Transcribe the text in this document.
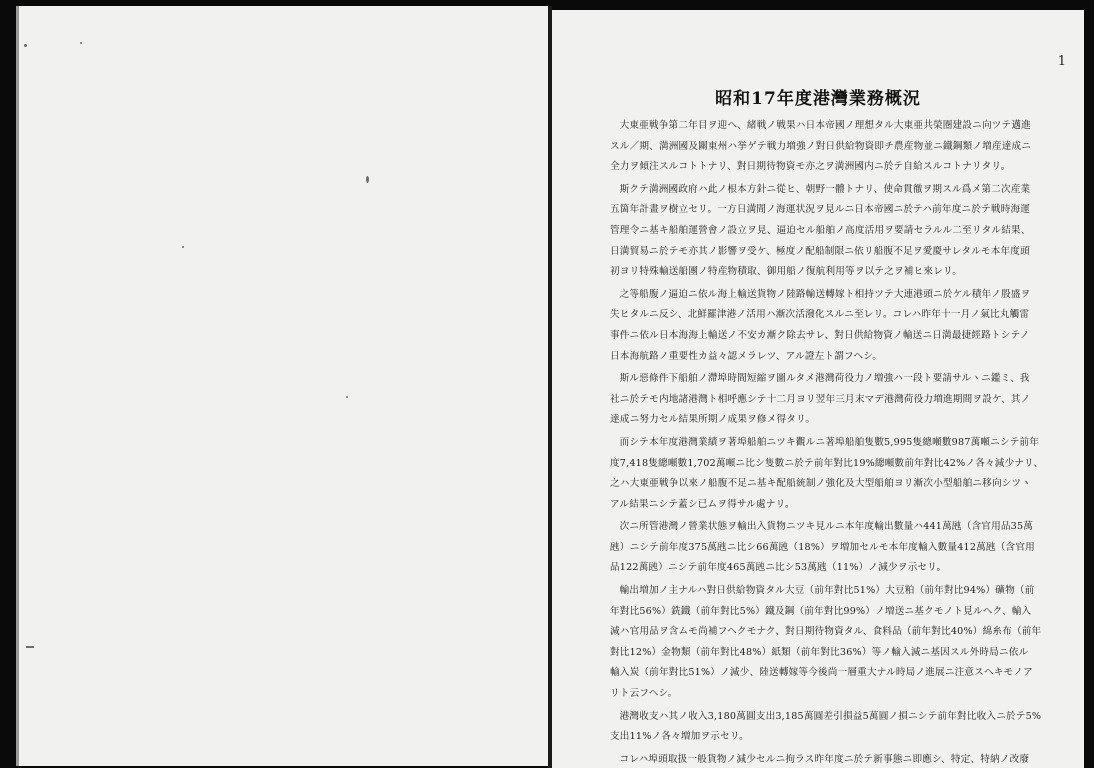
1
昭和17年度港灣業務概況

大東亜戦争第二年目ヲ迎ヘ、緒戦ノ戦果ハ日本帝國ノ理想タル大東亜共榮圏建設ニ向ツテ邁進

スル／期、満洲國及關東州ハ挙ゲテ戦力増強ノ對日供給物資即チ農産物並ニ鐵鋼類ノ増産達成ニ

全力ヲ傾注スルコトトナリ、對日期待物資モ亦之ヲ満洲國内ニ於テ自給スルコトナリタリ。

斯クテ満洲國政府ハ此ノ根本方針ニ從ヒ、朝野一體トナリ、使命貫徹ヲ期スル爲メ第二次産業

五箇年計畫ヲ樹立セリ。一方日満間ノ海運状況ヲ見ルニ日本帝國ニ於テハ前年度ニ於テ戦時海運

管理令ニ基キ船舶運營會ノ設立ヲ見、逼迫セル船舶ノ高度活用ヲ要請セラルル二至リタル結果、

日満貿易ニ於テモ亦其ノ影響ヲ受ケ、極度ノ配船制限ニ依リ船腹不足ヲ愛慶サレタルモ本年度頭

初ヨリ特殊輸送船團ノ特産物積取、御用船ノ復航利用等ヲ以テ之ヲ補ヒ來レリ。

之等船腹ノ逼迫ニ依ル海上輸送貨物ノ陸路輸送轉嫁ト相持ツテ大連港頭ニ於ケル積年ノ殷盛ヲ

失ヒタルニ反シ、北鮮羅津港ノ活用ハ漸次活潑化スルニ至レリ。コレハ昨年十一月ノ氣比丸觸雷

事件ニ依ル日本海海上輸送ノ不安カ漸ク除去サレ、對日供給物資ノ輸送ニ日満最捷經路トシテノ

日本海航路ノ重要性カ益々認メラレツ、アル證左ト謂フヘシ。

斯ル惡條件下船舶ノ滯埠時間短縮ヲ圖ルタメ港灣荷役力ノ増強ハ一段ト要請サルヽニ鑑ミ、我

社ニ於テモ内地諸港灣ト相呼應シテ十二月ヨリ翌年三月末マデ港灣荷役力増進期間ヲ設ケ、其ノ

達成ニ努力セル結果所期ノ成果ヲ修メ得タリ。

而シテ本年度港灣業績ヲ著埠船舶ニツキ觀ルニ著埠船舶隻數5,995隻總噸數987萬噸ニシテ前年

度7,418隻總噸數1,702萬噸ニ比シ隻數ニ於テ前年對比19%總噸數前年對比42%ノ各々減少ナリ、

之ハ大東亜戦争以來ノ船腹不足ニ基キ配船統制ノ強化及大型船舶ヨリ漸次小型船舶ニ移向シツヽ

アル結果ニシテ蓋シ已ムヲ得サル處ナリ。

次ニ所管港灣ノ營業状態ヲ輸出入貨物ニツキ見ルニ本年度輸出數量ハ441萬瓲（含官用品35萬

瓲）ニシテ前年度375萬瓲ニ比シ66萬瓲（18%）ヲ増加セルモ本年度輸入數量412萬瓲（含官用

品122萬瓲）ニシテ前年度465萬瓲ニ比シ53萬瓲（11%）ノ減少ヲ示セリ。

輸出増加ノ主ナルハ對日供給物資タル大豆（前年對比51%）大豆粕（前年對比94%）礦物（前

年對比56%）銑鐵（前年對比5%）鐵及鋼（前年對比99%）ノ増送ニ基クモノト見ルヘク、輸入

減ハ官用品ヲ含ムモ尚補フヘクモナク、對日期待物資タル、食料品（前年對比40%）綿糸布（前年

對比12%）金物類（前年對比48%）紙類（前年對比36%）等ノ輸入減ニ基因スル外時局ニ依ル

輸入炭（前年對比51%）ノ減少、陸送轉嫁等今後尚一層重大ナル時局ノ進展ニ注意スヘキモノア

リト云フヘシ。

港灣收支ハ其ノ收入3,180萬圓支出3,185萬圓差引損益5萬圓ノ損ニシテ前年對比收入ニ於テ5%

支出11%ノ各々増加ヲ示セリ。

コレハ埠頭取扱一般貨物ノ減少セルニ拘ラス昨年度ニ於テ新事態ニ即應シ、特定、特納ノ改廢
